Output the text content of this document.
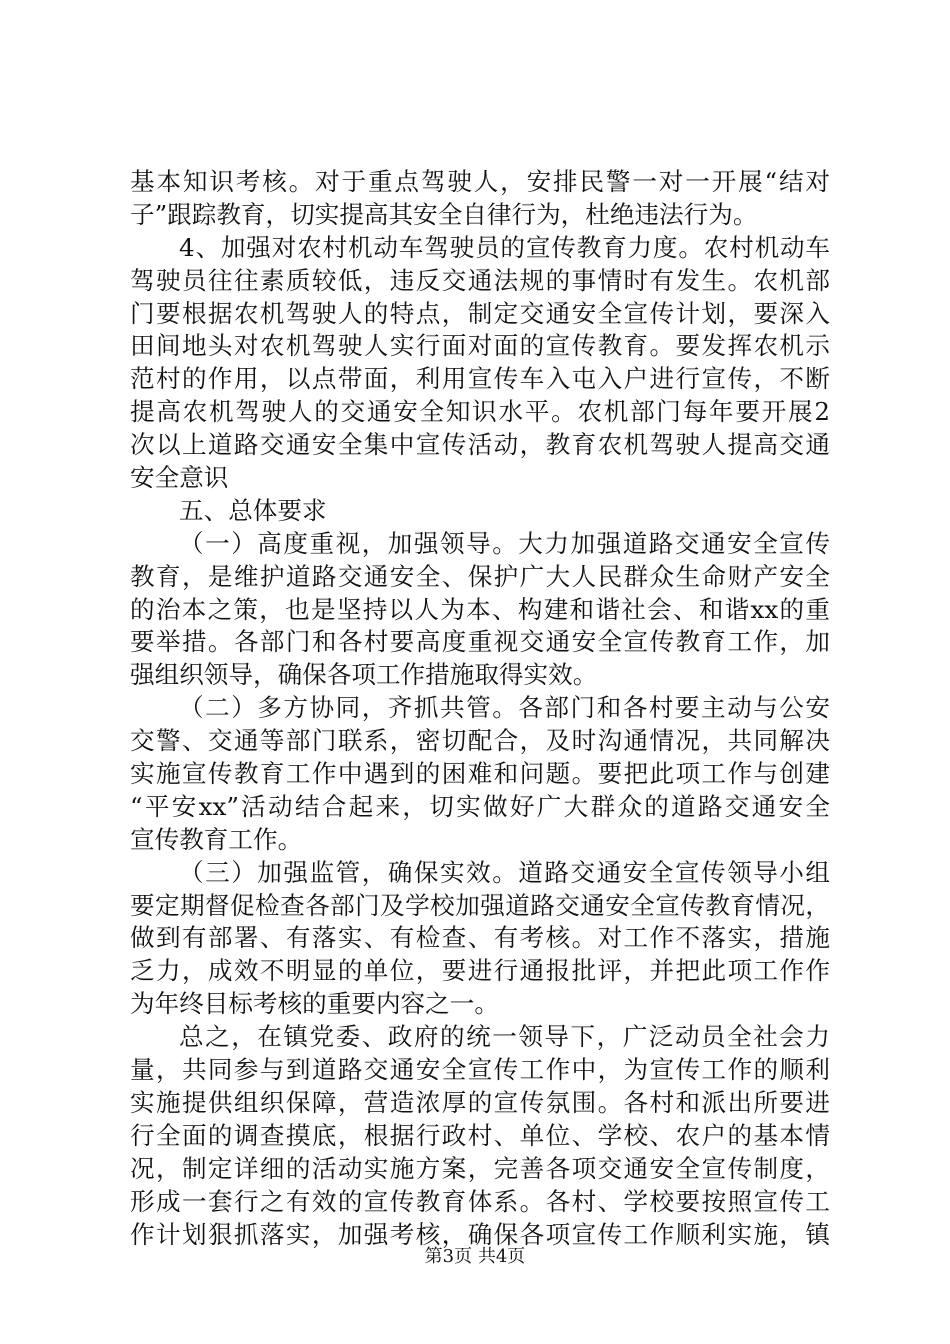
基本知识考核。对于重点驾驶人，安排民警一对一开展“结对
子”跟踪教育，切实提高其安全自律行为，杜绝违法行为。
4、加强对农村机动车驾驶员的宣传教育力度。农村机动车
驾驶员往往素质较低，违反交通法规的事情时有发生。农机部
门要根据农机驾驶人的特点，制定交通安全宣传计划，要深入
田间地头对农机驾驶人实行面对面的宣传教育。要发挥农机示
范村的作用，以点带面，利用宣传车入屯入户进行宣传，不断
提高农机驾驶人的交通安全知识水平。农机部门每年要开展2
次以上道路交通安全集中宣传活动，教育农机驾驶人提高交通
安全意识
五、总体要求
（一）高度重视，加强领导。大力加强道路交通安全宣传
教育，是维护道路交通安全、保护广大人民群众生命财产安全
的治本之策，也是坚持以人为本、构建和谐社会、和谐xx的重
要举措。各部门和各村要高度重视交通安全宣传教育工作，加
强组织领导，确保各项工作措施取得实效。
（二）多方协同，齐抓共管。各部门和各村要主动与公安
交警、交通等部门联系，密切配合，及时沟通情况，共同解决
实施宣传教育工作中遇到的困难和问题。要把此项工作与创建
“平安xx”活动结合起来，切实做好广大群众的道路交通安全
宣传教育工作。
（三）加强监管，确保实效。道路交通安全宣传领导小组
要定期督促检查各部门及学校加强道路交通安全宣传教育情况，
做到有部署、有落实、有检查、有考核。对工作不落实，措施
乏力，成效不明显的单位，要进行通报批评，并把此项工作作
为年终目标考核的重要内容之一。
总之，在镇党委、政府的统一领导下，广泛动员全社会力
量，共同参与到道路交通安全宣传工作中，为宣传工作的顺利
实施提供组织保障，营造浓厚的宣传氛围。各村和派出所要进
行全面的调查摸底，根据行政村、单位、学校、农户的基本情
况，制定详细的活动实施方案，完善各项交通安全宣传制度，
形成一套行之有效的宣传教育体系。各村、学校要按照宣传工
作计划狠抓落实，加强考核，确保各项宣传工作顺利实施，镇
第3页 共4页
